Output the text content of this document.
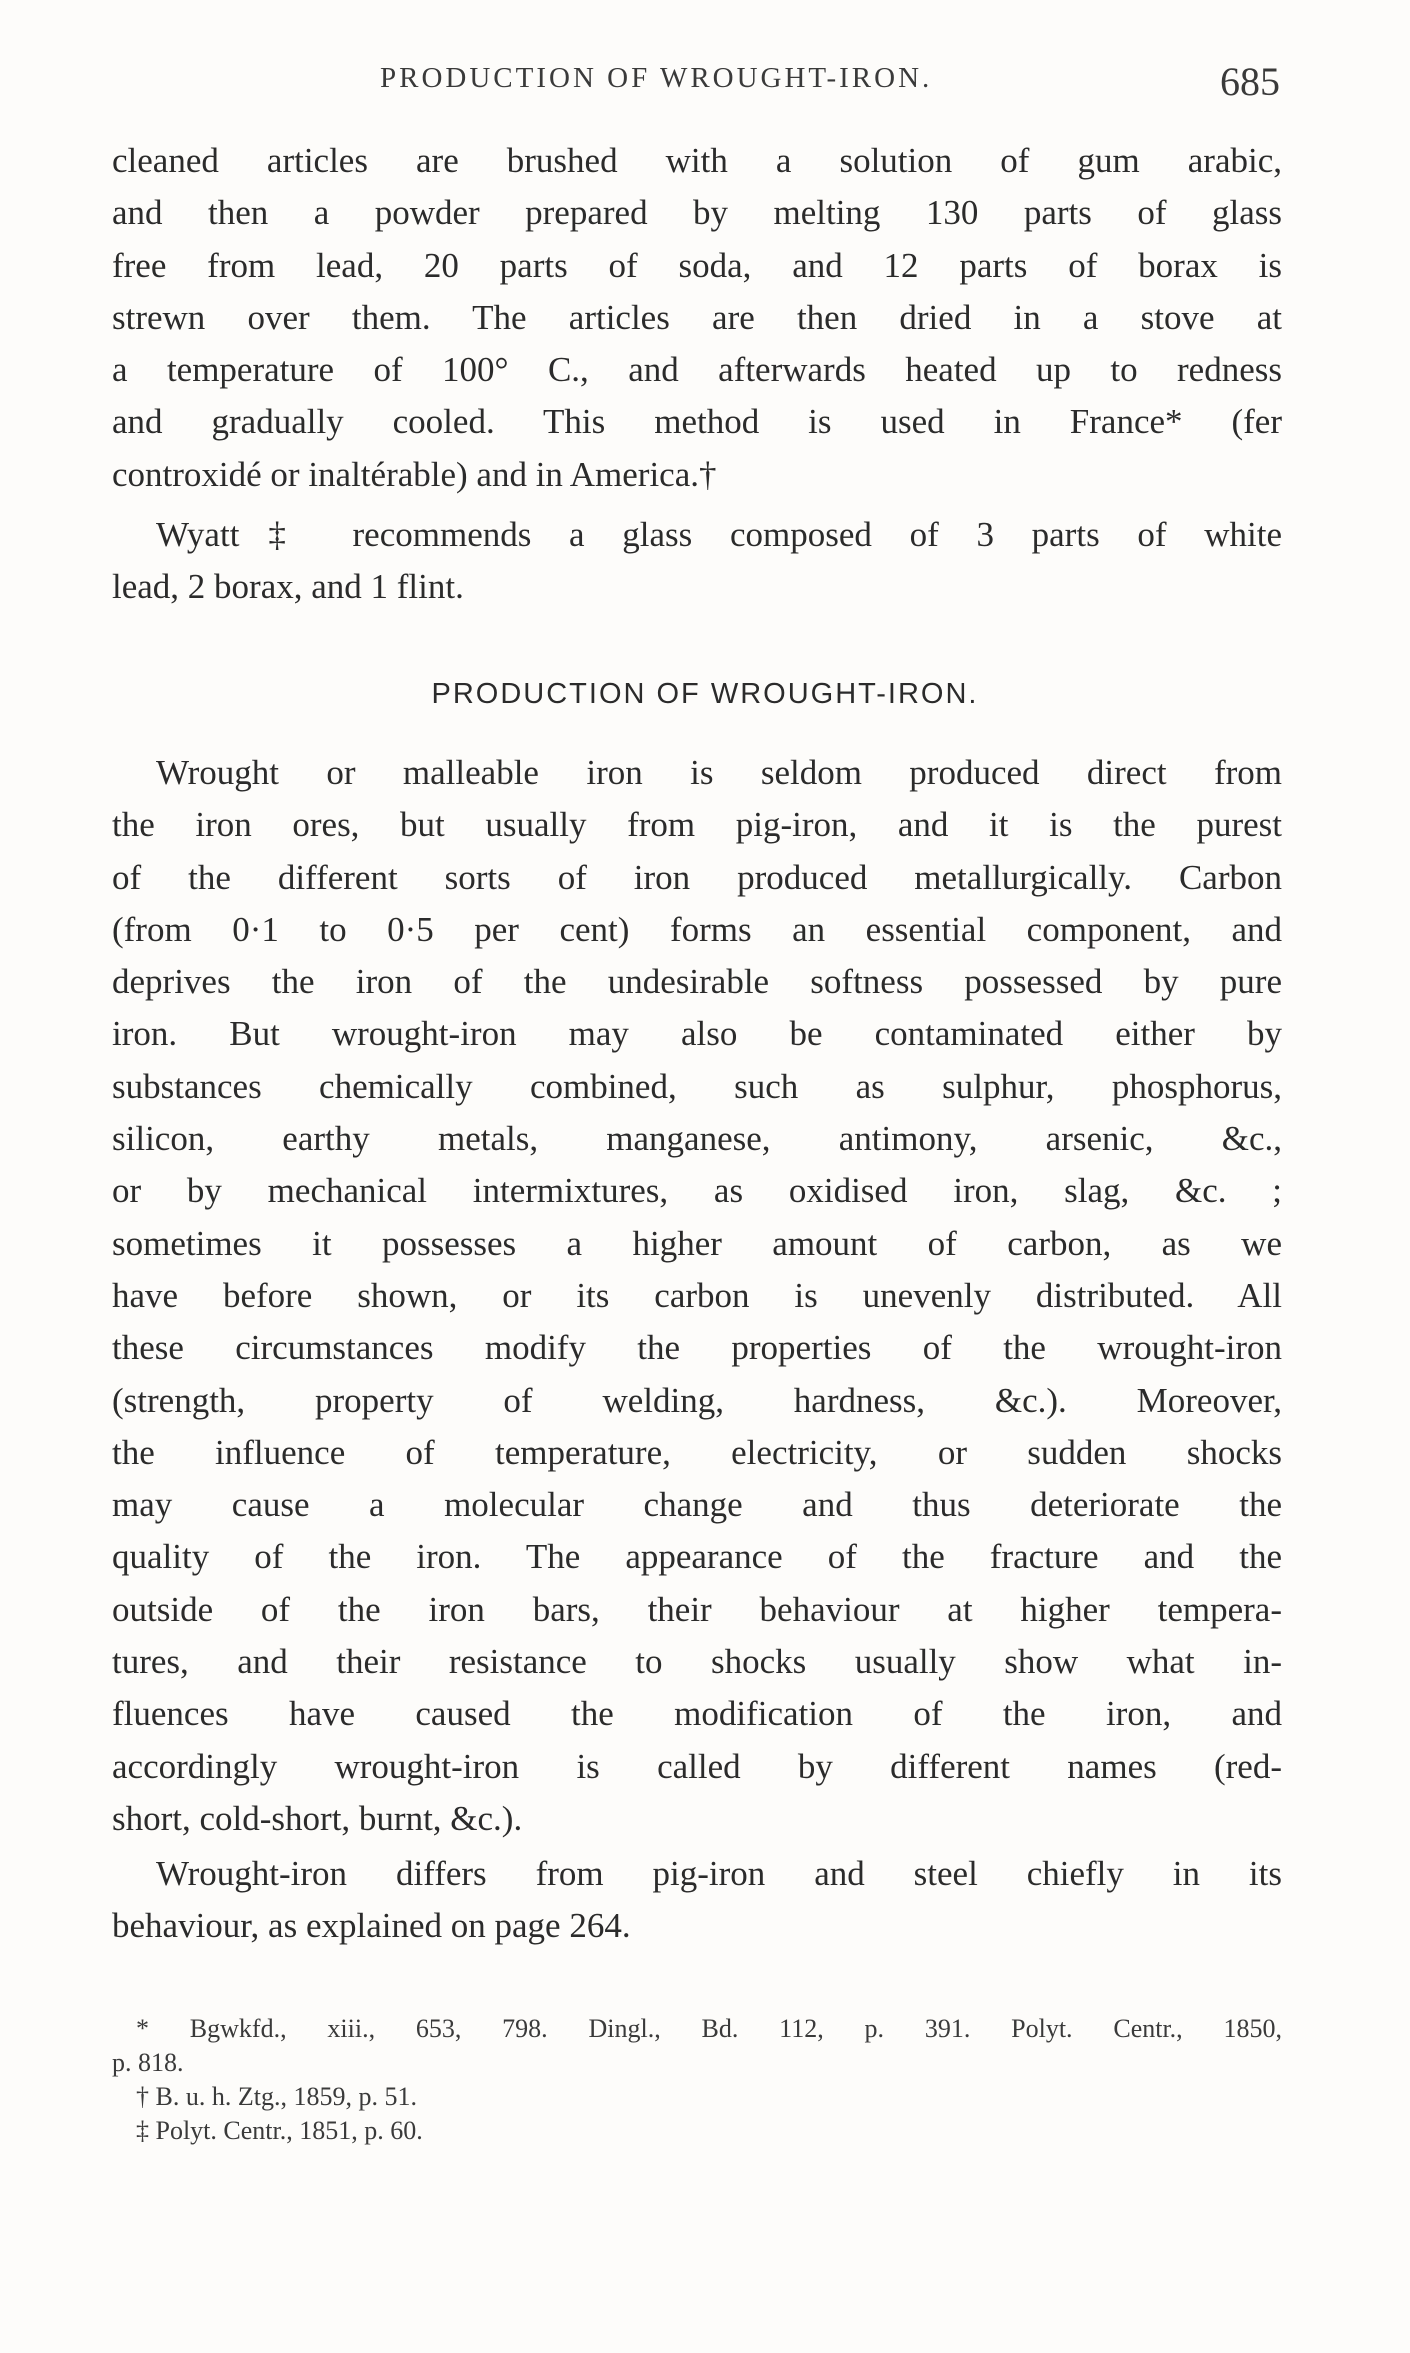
PRODUCTION OF WROUGHT-IRON.	685
cleaned articles are brushed with a solution of gum arabic,
and then a powder prepared by melting 130 parts of glass
free from lead, 20 parts of soda, and 12 parts of borax is
strewn over them. The articles are then dried in a stove at
a temperature of 100° C., and afterwards heated up to redness
and gradually cooled. This method is used in France* (fer
controxidé or inaltérable) and in America.†
Wyatt‡ recommends a glass composed of 3 parts of white
lead, 2 borax, and 1 flint.
PRODUCTION OF WROUGHT-IRON.
Wrought or malleable iron is seldom produced direct from
the iron ores, but usually from pig-iron, and it is the purest
of the different sorts of iron produced metallurgically. Carbon
(from 0·1 to 0·5 per cent) forms an essential component, and
deprives the iron of the undesirable softness possessed by pure
iron. But wrought-iron may also be contaminated either by
substances chemically combined, such as sulphur, phosphorus,
silicon, earthy metals, manganese, antimony, arsenic, &c.,
or by mechanical intermixtures, as oxidised iron, slag, &c. ;
sometimes it possesses a higher amount of carbon, as we
have before shown, or its carbon is unevenly distributed. All
these circumstances modify the properties of the wrought-iron
(strength, property of welding, hardness, &c.). Moreover,
the influence of temperature, electricity, or sudden shocks
may cause a molecular change and thus deteriorate the
quality of the iron. The appearance of the fracture and the
outside of the iron bars, their behaviour at higher tempera-
tures, and their resistance to shocks usually show what in-
fluences have caused the modification of the iron, and
accordingly wrought-iron is called by different names (red-
short, cold-short, burnt, &c.).
Wrought-iron differs from pig-iron and steel chiefly in its
behaviour, as explained on page 264.
* Bgwkfd., xiii., 653, 798. Dingl., Bd. 112, p. 391. Polyt. Centr., 1850,
p. 818.
† B. u. h. Ztg., 1859, p. 51.
‡ Polyt. Centr., 1851, p. 60.
